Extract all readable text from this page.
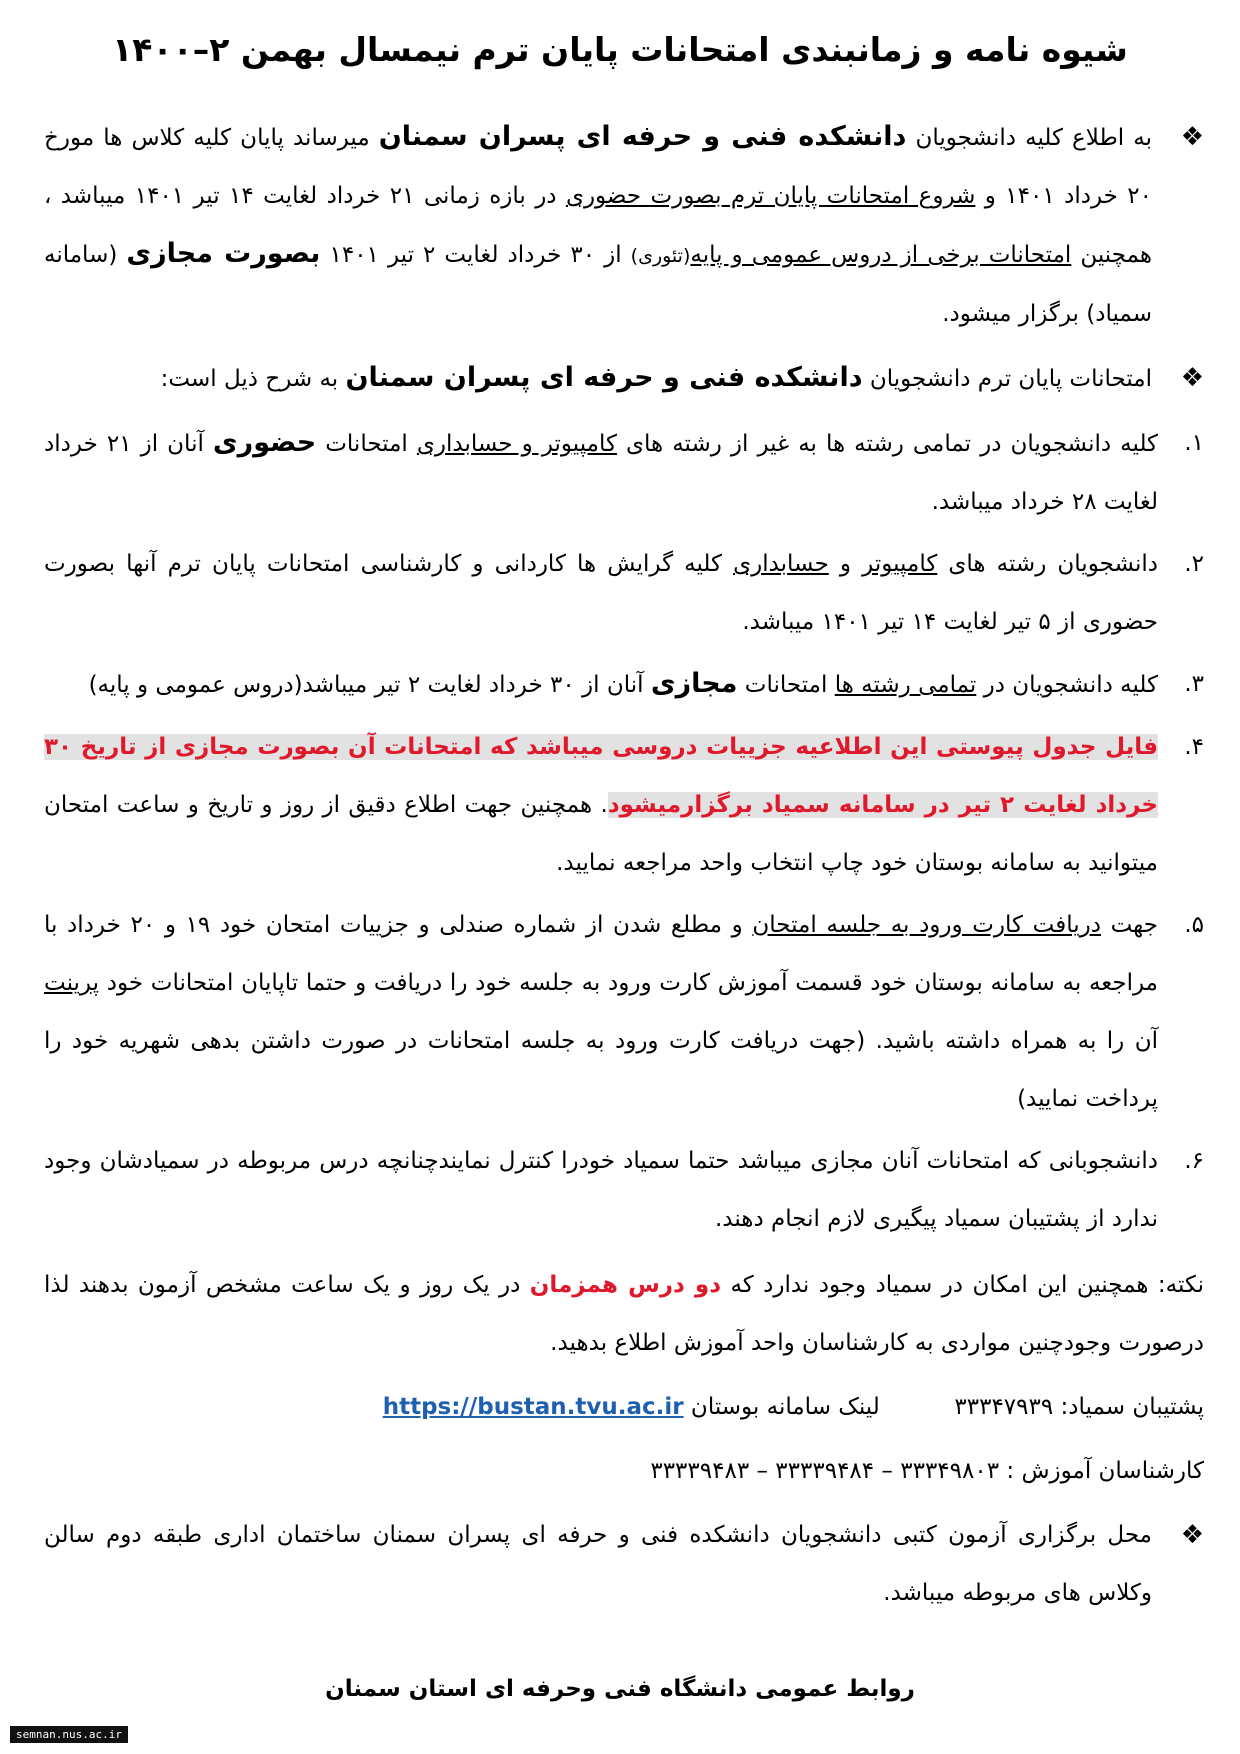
شیوه نامه و زمانبندی امتحانات پایان ترم نیمسال بهمن ۲–۱۴۰۰
❖
به اطلاع کلیه دانشجویان دانشکده فنی و حرفه ای پسران سمنان میرساند پایان کلیه کلاس ها مورخ ۲۰ خرداد ۱۴۰۱ و شروع امتحانات پایان ترم بصورت حضوری در بازه زمانی ۲۱ خرداد لغایت ۱۴ تیر ۱۴۰۱ میباشد ، همچنین امتحانات برخی از دروس عمومی و پایه(تئوری) از ۳۰ خرداد لغایت ۲ تیر ۱۴۰۱ بصورت مجازی (سامانه سمیاد) برگزار میشود.
❖
امتحانات پایان ترم دانشجویان دانشکده فنی و حرفه ای پسران سمنان به شرح ذیل است:
۱.
کلیه دانشجویان در تمامی رشته ها به غیر از رشته های کامپیوتر و حسابداری امتحانات حضوری آنان از ۲۱ خرداد لغایت ۲۸ خرداد میباشد.
۲.
دانشجویان رشته های کامپیوتر و حسابداری کلیه گرایش ها کاردانی و کارشناسی امتحانات پایان ترم آنها بصورت حضوری از ۵ تیر لغایت ۱۴ تیر ۱۴۰۱ میباشد.
۳.
کلیه دانشجویان در تمامی رشته ها امتحانات مجازی آنان از ۳۰ خرداد لغایت ۲ تیر میباشد(دروس عمومی و پایه)
۴.
فایل جدول پیوستی این اطلاعیه جزییات دروسی میباشد که امتحانات آن بصورت مجازی از تاریخ ۳۰ خرداد لغایت ۲ تیر در سامانه سمیاد برگزارمیشود. همچنین جهت اطلاع دقیق از روز و تاریخ و ساعت امتحان میتوانید به سامانه بوستان خود چاپ انتخاب واحد مراجعه نمایید.
۵.
جهت دریافت کارت ورود به جلسه امتحان و مطلع شدن از شماره صندلی و جزییات امتحان خود ۱۹ و ۲۰ خرداد با مراجعه به سامانه بوستان خود قسمت آموزش کارت ورود به جلسه خود را دریافت و حتما تاپایان امتحانات خود پرینت آن را به همراه داشته باشید. (جهت دریافت کارت ورود به جلسه امتحانات در صورت داشتن بدهی شهریه خود را پرداخت نمایید)
۶.
دانشجوبانی که امتحانات آنان مجازی میباشد حتما سمیاد خودرا کنترل نمایندچنانچه درس مربوطه در سمیادشان وجود ندارد از پشتیبان سمیاد پیگیری لازم انجام دهند.
نکته: همچنین این امکان در سمیاد وجود ندارد که دو درس همزمان در یک روز و یک ساعت مشخص آزمون بدهند لذا درصورت وجودچنین مواردی به کارشناسان واحد آموزش اطلاع بدهید.
پشتیبان سمیاد: ۳۳۳۴۷۹۳۹  لینک سامانه بوستان https://bustan.tvu.ac.ir
کارشناسان آموزش : ۳۳۳۴۹۸۰۳ – ۳۳۳۳۹۴۸۴ – ۳۳۳۳۹۴۸۳
❖
محل برگزاری آزمون کتبی دانشجویان دانشکده فنی و حرفه ای پسران سمنان ساختمان اداری طبقه دوم سالن وکلاس های مربوطه میباشد.
روابط عمومی دانشگاه فنی وحرفه ای استان سمنان
semnan.nus.ac.ir
